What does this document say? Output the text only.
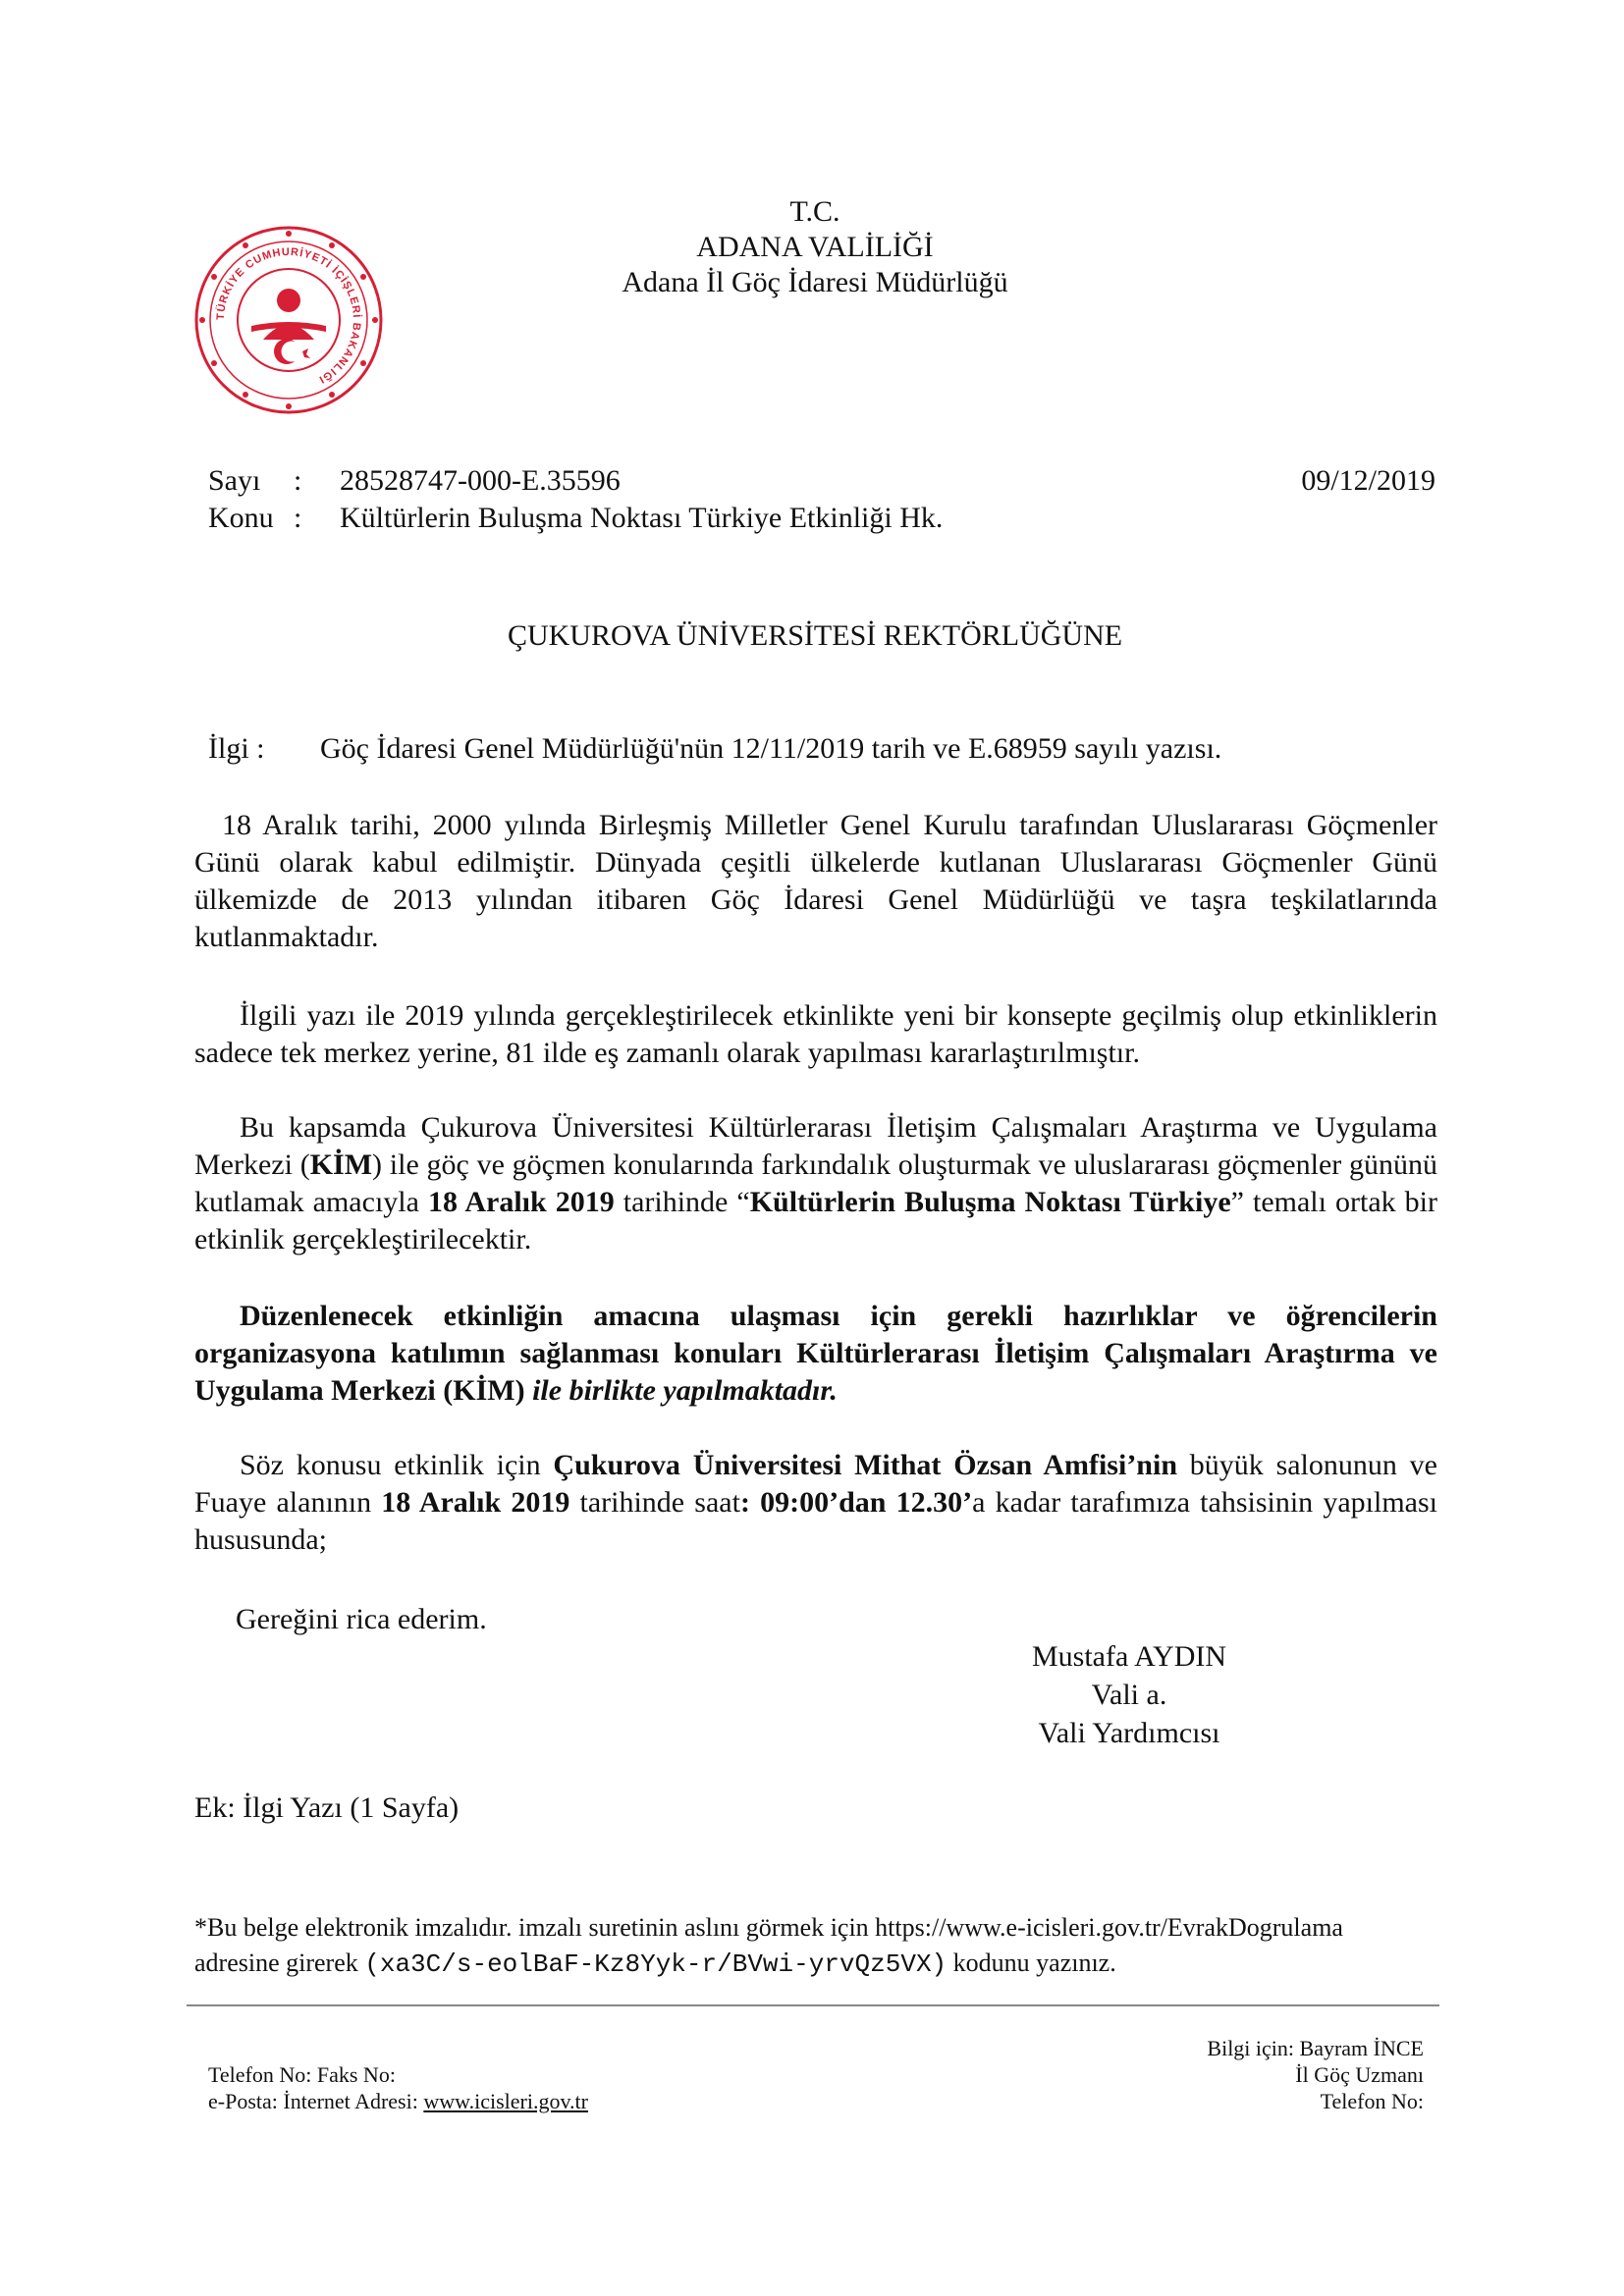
TÜRKİYE CUMHURİYETİ İÇİŞLERİ BAKANLIĞI
T.C.
ADANA VALİLİĞİ
Adana İl Göç İdaresi Müdürlüğü
Sayı : 28528747-000-E.35596	09/12/2019
Konu : Kültürlerin Buluşma Noktası Türkiye Etkinliği Hk.
ÇUKUROVA ÜNİVERSİTESİ REKTÖRLÜĞÜNE
İlgi : Göç İdaresi Genel Müdürlüğü'nün 12/11/2019 tarih ve E.68959 sayılı yazısı.
18 Aralık tarihi, 2000 yılında Birleşmiş Milletler Genel Kurulu tarafından Uluslararası Göçmenler Günü olarak kabul edilmiştir. Dünyada çeşitli ülkelerde kutlanan Uluslararası Göçmenler Günü ülkemizde de 2013 yılından itibaren Göç İdaresi Genel Müdürlüğü ve taşra teşkilatlarında kutlanmaktadır.
İlgili yazı ile 2019 yılında gerçekleştirilecek etkinlikte yeni bir konsepte geçilmiş olup etkinliklerin sadece tek merkez yerine, 81 ilde eş zamanlı olarak yapılması kararlaştırılmıştır.
Bu kapsamda Çukurova Üniversitesi Kültürlerarası İletişim Çalışmaları Araştırma ve Uygulama Merkezi (KİM) ile göç ve göçmen konularında farkındalık oluşturmak ve uluslararası göçmenler gününü kutlamak amacıyla 18 Aralık 2019 tarihinde “Kültürlerin Buluşma Noktası Türkiye” temalı ortak bir etkinlik gerçekleştirilecektir.
Düzenlenecek etkinliğin amacına ulaşması için gerekli hazırlıklar ve öğrencilerin organizasyona katılımın sağlanması konuları Kültürlerarası İletişim Çalışmaları Araştırma ve Uygulama Merkezi (KİM) ile birlikte yapılmaktadır.
Söz konusu etkinlik için Çukurova Üniversitesi Mithat Özsan Amfisi’nin büyük salonunun ve Fuaye alanının 18 Aralık 2019 tarihinde saat: 09:00’dan 12.30’a kadar tarafımıza tahsisinin yapılması hususunda;
Gereğini rica ederim.
Mustafa AYDIN
Vali a.
Vali Yardımcısı
Ek: İlgi Yazı (1 Sayfa)
*Bu belge elektronik imzalıdır. imzalı suretinin aslını görmek için https://www.e-icisleri.gov.tr/EvrakDogrulama
adresine girerek (xa3C/s-eolBaF-Kz8Yyk-r/BVwi-yrvQz5VX) kodunu yazınız.
Telefon No: Faks No:
e-Posta: İnternet Adresi: www.icisleri.gov.tr
Bilgi için: Bayram İNCE
İl Göç Uzmanı
Telefon No:
